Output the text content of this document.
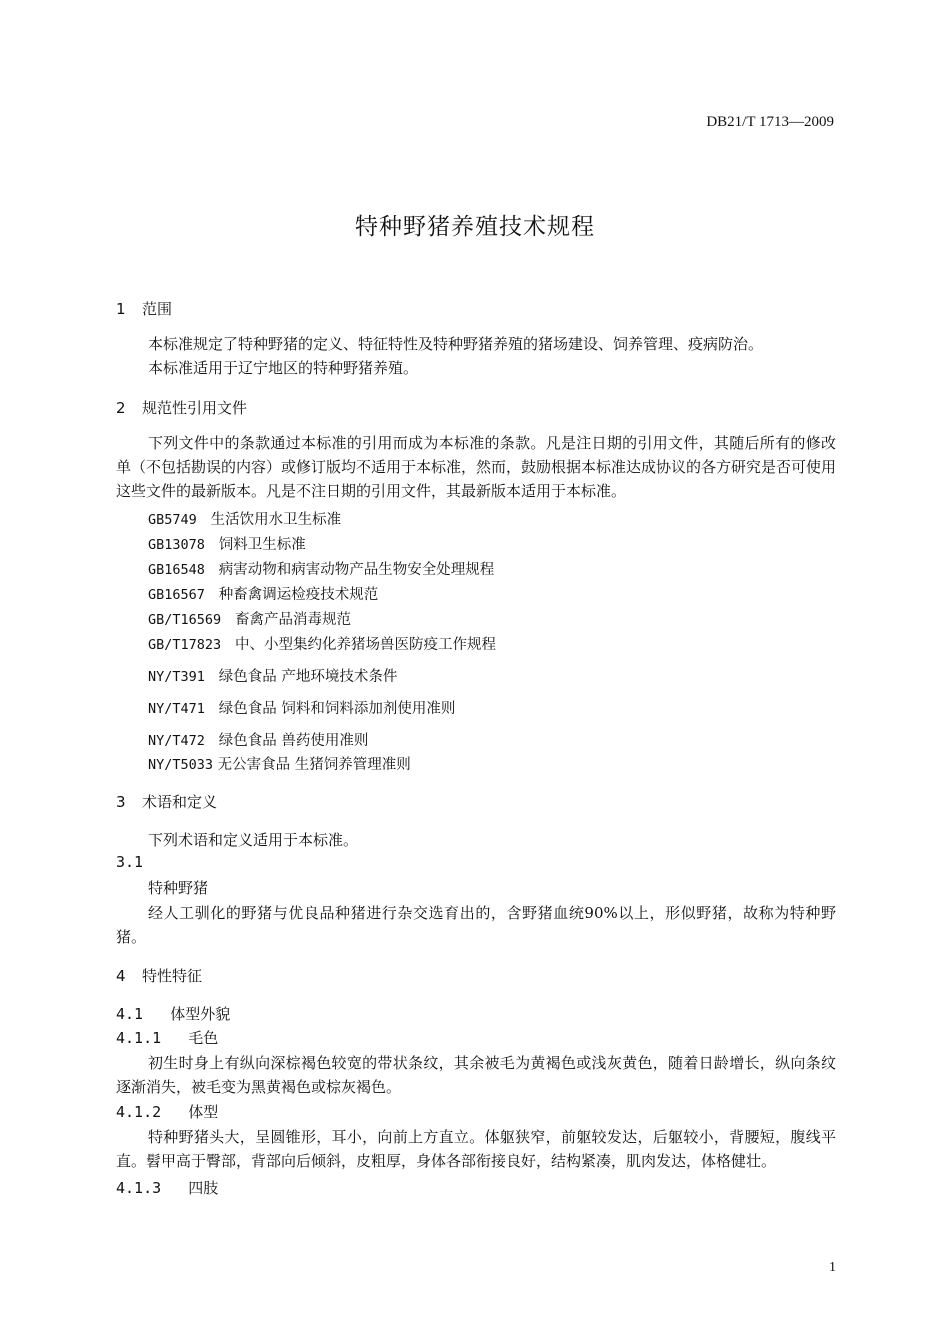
DB21/T 1713—2009
特种野猪养殖技术规程
1 范围
本标准规定了特种野猪的定义、特征特性及特种野猪养殖的猪场建设、饲养管理、疫病防治。
本标准适用于辽宁地区的特种野猪养殖。
2 规范性引用文件
下列文件中的条款通过本标准的引用而成为本标准的条款。凡是注日期的引用文件，其随后所有的修改单（不包括勘误的内容）或修订版均不适用于本标准，然而，鼓励根据本标准达成协议的各方研究是否可使用这些文件的最新版本。凡是不注日期的引用文件，其最新版本适用于本标准。
GB5749 生活饮用水卫生标准
GB13078 饲料卫生标准
GB16548 病害动物和病害动物产品生物安全处理规程
GB16567 种畜禽调运检疫技术规范
GB/T16569 畜禽产品消毒规范
GB/T17823 中、小型集约化养猪场兽医防疫工作规程
NY/T391 绿色食品 产地环境技术条件
NY/T471 绿色食品 饲料和饲料添加剂使用准则
NY/T472 绿色食品 兽药使用准则
NY/T5033 无公害食品 生猪饲养管理准则
3 术语和定义
下列术语和定义适用于本标准。
3.1
特种野猪
经人工驯化的野猪与优良品种猪进行杂交选育出的，含野猪血统90%以上，形似野猪，故称为特种野猪。
4 特性特征
4.1 体型外貌
4.1.1 毛色
初生时身上有纵向深棕褐色较宽的带状条纹，其余被毛为黄褐色或浅灰黄色，随着日龄增长，纵向条纹逐渐消失，被毛变为黑黄褐色或棕灰褐色。
4.1.2 体型
特种野猪头大，呈圆锥形，耳小，向前上方直立。体躯狭窄，前躯较发达，后躯较小，背腰短，腹线平直。髫甲高于臀部，背部向后倾斜，皮粗厚，身体各部衔接良好，结构紧凑，肌肉发达，体格健壮。
4.1.3 四肢
1
